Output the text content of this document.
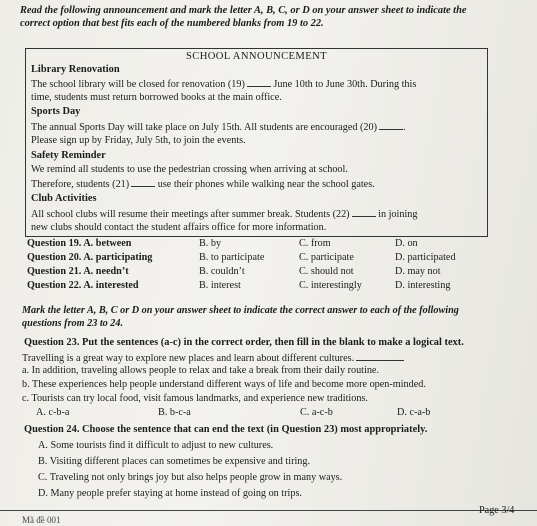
Read the following announcement and mark the letter A, B, C, or D on your answer sheet to indicate the
correct option that best fits each of the numbered blanks from 19 to 22.
SCHOOL ANNOUNCEMENT
Library Renovation
The school library will be closed for renovation (19)	June 10th to June 30th. During this
time, students must return borrowed books at the main office.
Sports Day
The annual Sports Day will take place on July 15th. All students are encouraged (20)	.
Please sign up by Friday, July 5th, to join the events.
Safety Reminder
We remind all students to use the pedestrian crossing when arriving at school.
Therefore, students (21)	use their phones while walking near the school gates.
Club Activities
All school clubs will resume their meetings after summer break. Students (22)	in joining
new clubs should contact the student affairs office for more information.
Question 19. A. between	B. by	C. from	D. on
Question 20. A. participating	B. to participate	C. participate	D. participated
Question 21. A. needn’t	B. couldn’t	C. should not	D. may not
Question 22. A. interested	B. interest	C. interestingly	D. interesting
Mark the letter A, B, C or D on your answer sheet to indicate the correct answer to each of the following
questions from 23 to 24.
Question 23. Put the sentences (a-c) in the correct order, then fill in the blank to make a logical text.
Travelling is a great way to explore new places and learn about different cultures.
a. In addition, traveling allows people to relax and take a break from their daily routine.
b. These experiences help people understand different ways of life and become more open-minded.
c. Tourists can try local food, visit famous landmarks, and experience new traditions.
A. c-b-a	B. b-c-a	C. a-c-b	D. c-a-b
Question 24. Choose the sentence that can end the text (in Question 23) most appropriately.
A. Some tourists find it difficult to adjust to new cultures.
B. Visiting different places can sometimes be expensive and tiring.
C. Traveling not only brings joy but also helps people grow in many ways.
D. Many people prefer staying at home instead of going on trips.
Mã đề 001
Page 3/4
